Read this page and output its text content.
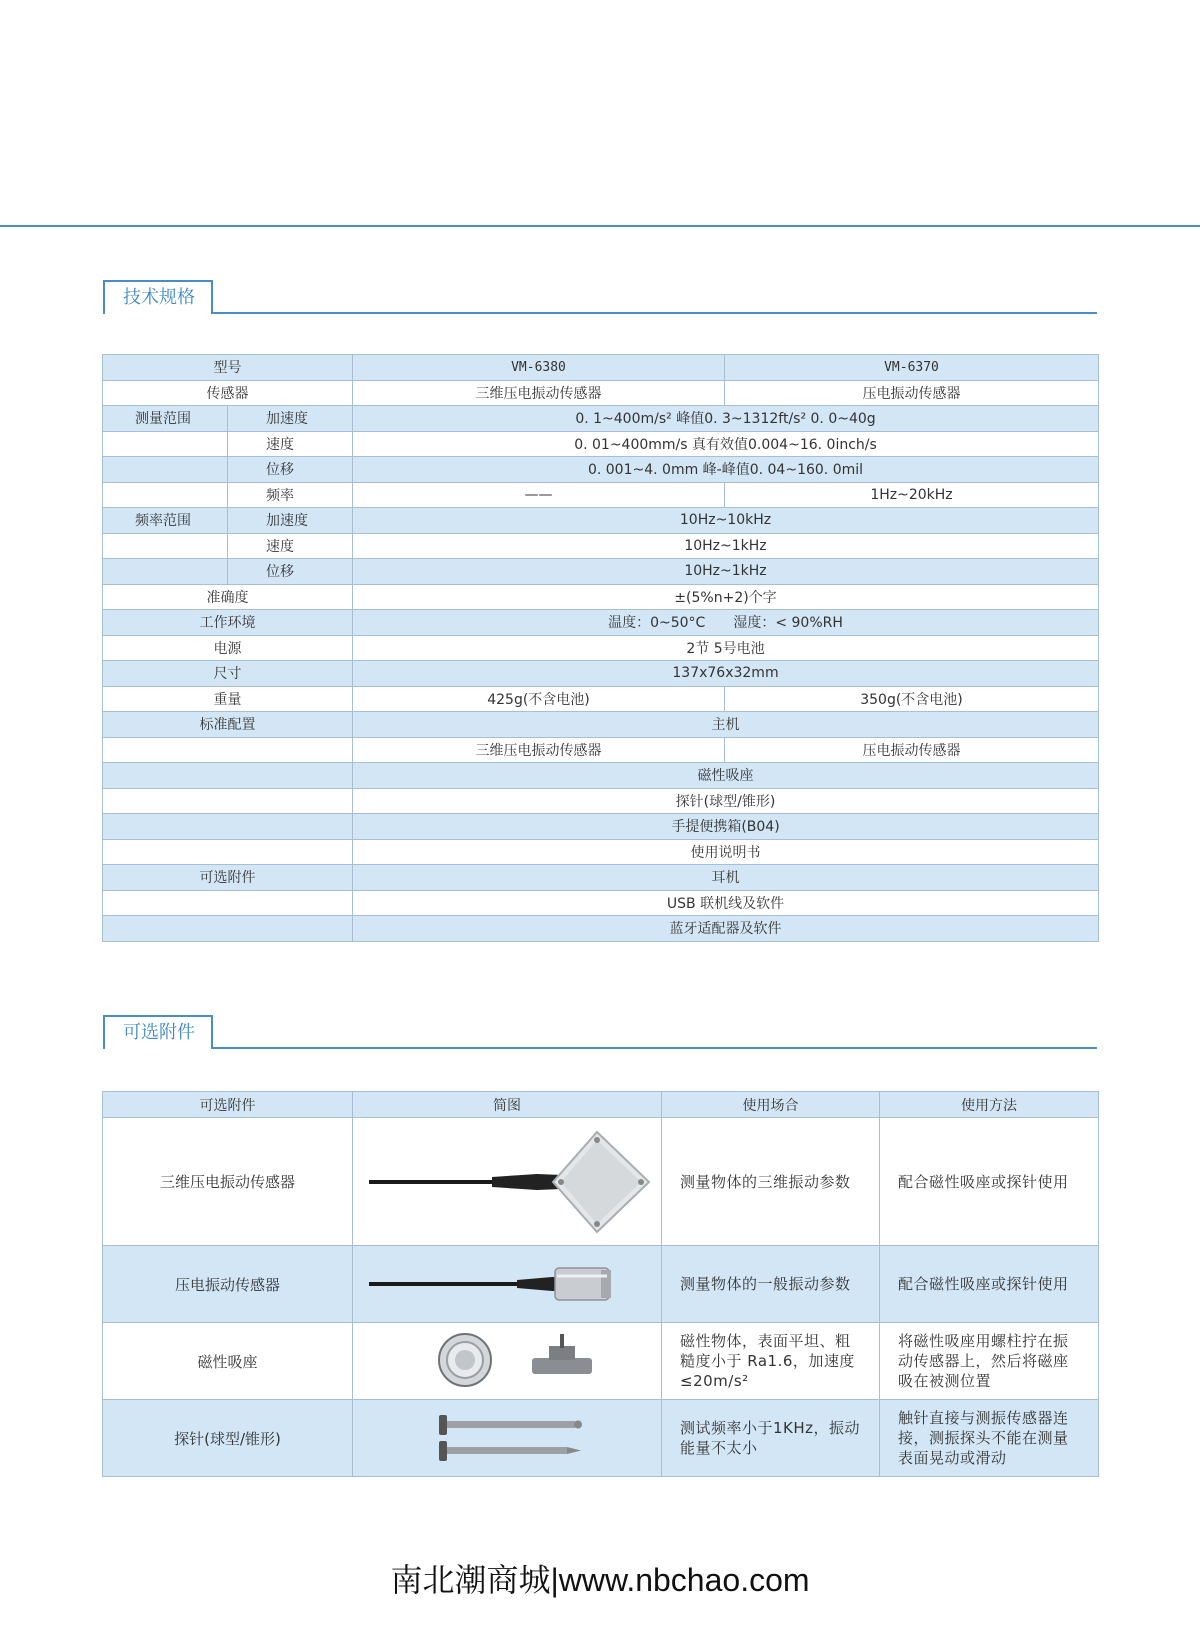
技术规格
型号		VM-6380	VM-6370
传感器		三维压电振动传感器	压电振动传感器
测量范围	加速度	0. 1~400m/s² 峰值0. 3~1312ft/s² 0. 0~40g	
	速度	0. 01~400mm/s 真有效值0.004~16. 0inch/s	
	位移	0. 001~4. 0mm 峰-峰值0. 04~160. 0mil	
	频率	——	1Hz~20kHz
频率范围	加速度	10Hz~10kHz	
	速度	10Hz~1kHz	
	位移	10Hz~1kHz	
准确度		±(5%n+2)个字	
工作环境		温度：0~50°C　　湿度：< 90%RH	
电源		2节 5号电池	
尺寸		137x76x32mm	
重量		425g(不含电池)	350g(不含电池)
标准配置		主机	
		三维压电振动传感器	压电振动传感器
		磁性吸座	
		探针(球型/锥形)	
		手提便携箱(B04)	
		使用说明书	
可选附件		耳机	
		USB 联机线及软件	
		蓝牙适配器及软件	
可选附件
可选附件	简图	使用场合	使用方法
三维压电振动传感器		测量物体的三维振动参数	配合磁性吸座或探针使用
压电振动传感器		测量物体的一般振动参数	配合磁性吸座或探针使用
磁性吸座		磁性物体，表面平坦、粗糙度小于 Ra1.6，加速度≤20m/s²	将磁性吸座用螺柱拧在振动传感器上，然后将磁座吸在被测位置
探针(球型/锥形)		测试频率小于1KHz，振动能量不太小	触针直接与测振传感器连接，测振探头不能在测量表面晃动或滑动
南北潮商城|www.nbchao.com
